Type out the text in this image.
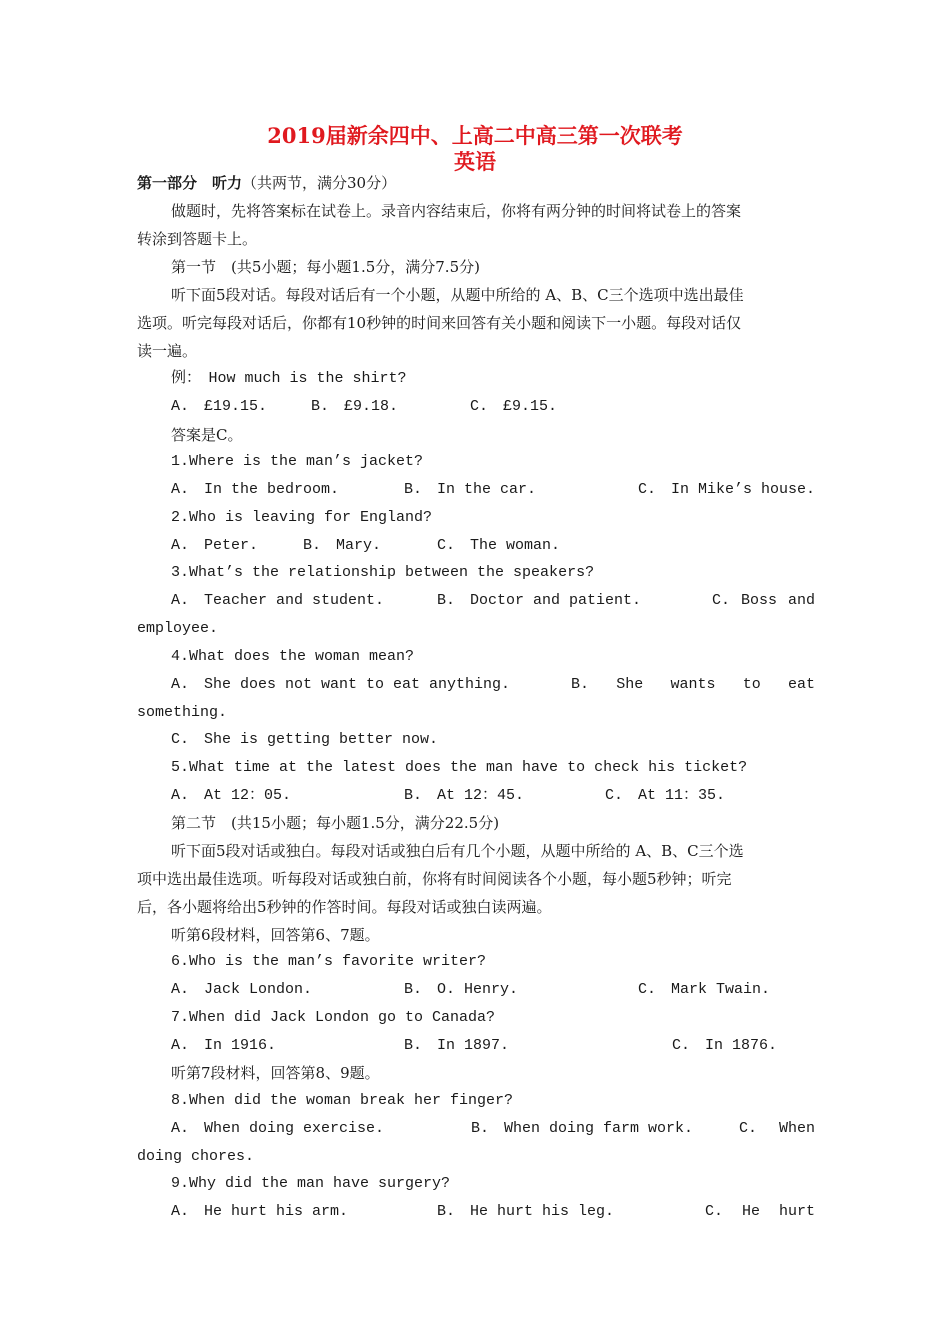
2019届新余四中、上高二中高三第一次联考
英语
第一部分　听力（共两节，满分30分）
做题时，先将答案标在试卷上。录音内容结束后，你将有两分钟的时间将试卷上的答案
转涂到答题卡上。
第一节　(共5小题；每小题1.5分，满分7.5分)
听下面5段对话。每段对话后有一个小题，从题中所给的 A、B、C三个选项中选出最佳
选项。听完每段对话后，你都有10秒钟的时间来回答有关小题和阅读下一小题。每段对话仅
读一遍。
例：　How much is the shirt?
A.　£19.15.	B.　£9.18.	C.　£9.15.
答案是C。
1.Where is the man’s jacket?
A.　In the bedroom.	B.　In the car.	C.　In Mike’s house.
2.Who is leaving for England?
A.　Peter.	B.　Mary.	C.　The woman.
3.What’s the relationship between the speakers?
A.　Teacher and student.	B.　Doctor and patient.	C. Boss and
employee.
4.What does the woman mean?
A.　She does not want to eat anything.	B. She wants to eat
something.
C.　She is getting better now.
5.What time at the latest does the man have to check his ticket?
A.　At 12：05.	B.　At 12：45.	C.　At 11：35.
第二节　(共15小题；每小题1.5分，满分22.5分)
听下面5段对话或独白。每段对话或独白后有几个小题，从题中所给的 A、B、C三个选
项中选出最佳选项。听每段对话或独白前，你将有时间阅读各个小题，每小题5秒钟；听完
后，各小题将给出5秒钟的作答时间。每段对话或独白读两遍。
听第6段材料，回答第6、7题。
6.Who is the man’s favorite writer?
A.　Jack London.	B.　O. Henry.	C.　Mark Twain.
7.When did Jack London go to Canada?
A.　In 1916.	B.　In 1897.	C.　In 1876.
听第7段材料，回答第8、9题。
8.When did the woman break her finger?
A.　When doing exercise.	B.　When doing farm work.	C. When
doing chores.
9.Why did the man have surgery?
A.　He hurt his arm.	B.　He hurt his leg.	C. He hurt
